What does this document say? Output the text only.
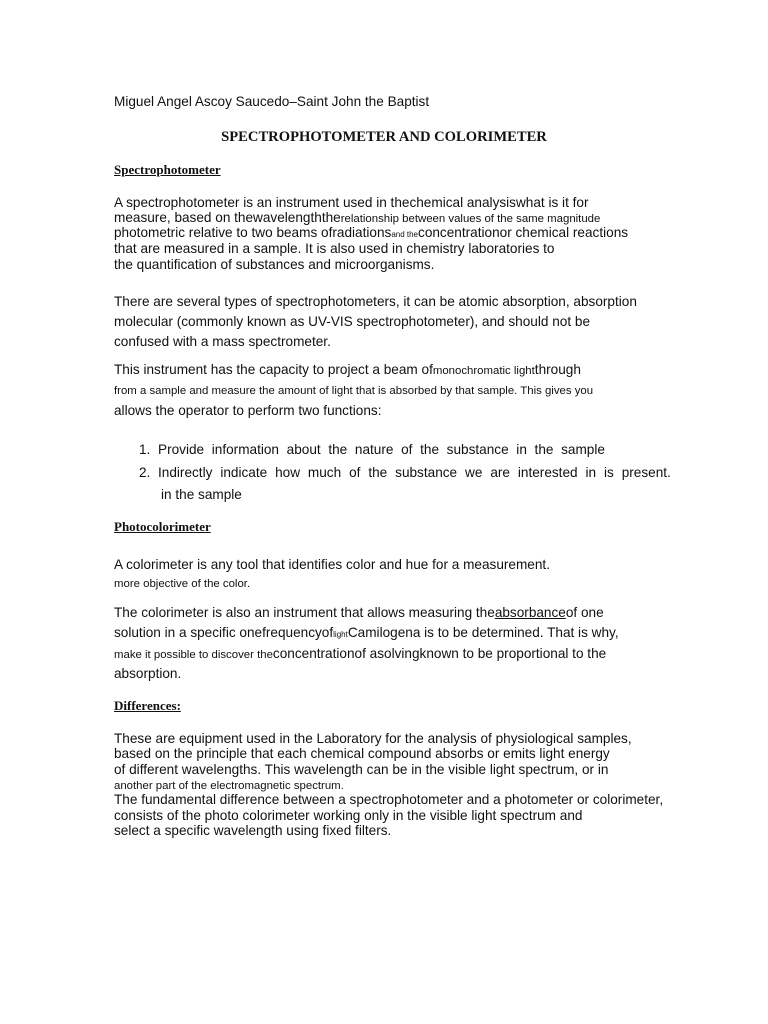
Miguel Angel Ascoy Saucedo–Saint John the Baptist
SPECTROPHOTOMETER AND COLORIMETER
Spectrophotometer
A spectrophotometer is an instrument used in thechemical analysiswhat is it for
measure, based on thewavelengththerelationship between values of the same magnitude
photometric relative to two beams ofradiationsand theconcentrationor chemical reactions
that are measured in a sample. It is also used in chemistry laboratories to
the quantification of substances and microorganisms.
There are several types of spectrophotometers, it can be atomic absorption, absorption
molecular (commonly known as UV-VIS spectrophotometer), and should not be
confused with a mass spectrometer.
This instrument has the capacity to project a beam ofmonochromatic lightthrough
from a sample and measure the amount of light that is absorbed by that sample. This gives you
allows the operator to perform two functions:
1. Provide information about the nature of the substance in the sample
2. Indirectly indicate how much of the substance we are interested in is present.
in the sample
Photocolorimeter
A colorimeter is any tool that identifies color and hue for a measurement.
more objective of the color.
The colorimeter is also an instrument that allows measuring theabsorbanceof one
solution in a specific onefrequencyoflightCamilogena is to be determined. That is why,
make it possible to discover theconcentrationof asolvingknown to be proportional to the
absorption.
Differences:
These are equipment used in the Laboratory for the analysis of physiological samples,
based on the principle that each chemical compound absorbs or emits light energy
of different wavelengths. This wavelength can be in the visible light spectrum, or in
another part of the electromagnetic spectrum.
The fundamental difference between a spectrophotometer and a photometer or colorimeter,
consists of the photo colorimeter working only in the visible light spectrum and
select a specific wavelength using fixed filters.
